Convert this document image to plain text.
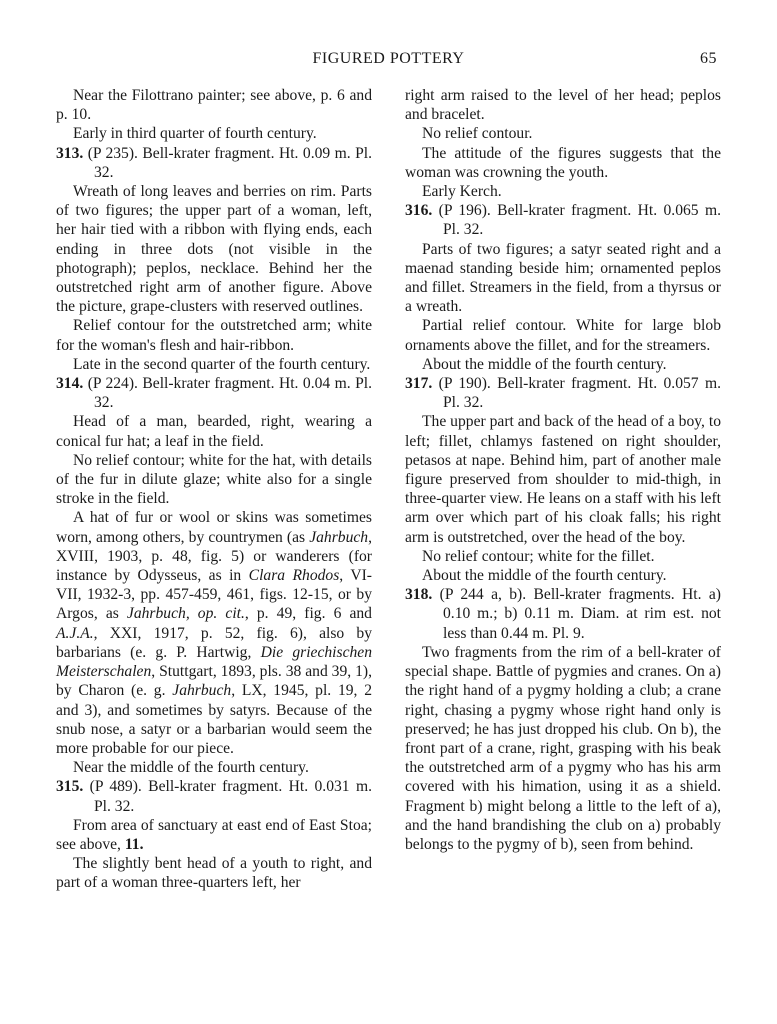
FIGURED POTTERY	65

Near the Filottrano painter; see above, p. 6 and p. 10.

Early in third quarter of fourth century.

313. (P 235). Bell-krater fragment. Ht. 0.09 m. Pl. 32.

Wreath of long leaves and berries on rim. Parts of two figures; the upper part of a woman, left, her hair tied with a ribbon with flying ends, each ending in three dots (not visible in the photograph); peplos, necklace. Behind her the outstretched right arm of another figure. Above the picture, grape-clusters with reserved outlines.

Relief contour for the outstretched arm; white for the woman's flesh and hair-ribbon.

Late in the second quarter of the fourth century.

314. (P 224). Bell-krater fragment. Ht. 0.04 m. Pl. 32.

Head of a man, bearded, right, wearing a conical fur hat; a leaf in the field.

No relief contour; white for the hat, with details of the fur in dilute glaze; white also for a single stroke in the field.

A hat of fur or wool or skins was sometimes worn, among others, by countrymen (as Jahrbuch, XVIII, 1903, p. 48, fig. 5) or wanderers (for instance by Odysseus, as in Clara Rhodos, VI-VII, 1932-3, pp. 457-459, 461, figs. 12-15, or by Argos, as Jahrbuch, op. cit., p. 49, fig. 6 and A.J.A., XXI, 1917, p. 52, fig. 6), also by barbarians (e. g. P. Hartwig, Die griechischen Meisterschalen, Stuttgart, 1893, pls. 38 and 39, 1), by Charon (e. g. Jahrbuch, LX, 1945, pl. 19, 2 and 3), and sometimes by satyrs. Because of the snub nose, a satyr or a barbarian would seem the more probable for our piece.

Near the middle of the fourth century.

315. (P 489). Bell-krater fragment. Ht. 0.031 m. Pl. 32.

From area of sanctuary at east end of East Stoa; see above, 11.

The slightly bent head of a youth to right, and part of a woman three-quarters left, her

right arm raised to the level of her head; peplos and bracelet.

No relief contour.

The attitude of the figures suggests that the woman was crowning the youth.

Early Kerch.

316. (P 196). Bell-krater fragment. Ht. 0.065 m. Pl. 32.

Parts of two figures; a satyr seated right and a maenad standing beside him; ornamented peplos and fillet. Streamers in the field, from a thyrsus or a wreath.

Partial relief contour. White for large blob ornaments above the fillet, and for the streamers.

About the middle of the fourth century.

317. (P 190). Bell-krater fragment. Ht. 0.057 m. Pl. 32.

The upper part and back of the head of a boy, to left; fillet, chlamys fastened on right shoulder, petasos at nape. Behind him, part of another male figure preserved from shoulder to mid-thigh, in three-quarter view. He leans on a staff with his left arm over which part of his cloak falls; his right arm is outstretched, over the head of the boy.

No relief contour; white for the fillet.

About the middle of the fourth century.

318. (P 244 a, b). Bell-krater fragments. Ht. a) 0.10 m.; b) 0.11 m. Diam. at rim est. not less than 0.44 m. Pl. 9.

Two fragments from the rim of a bell-krater of special shape. Battle of pygmies and cranes. On a) the right hand of a pygmy holding a club; a crane right, chasing a pygmy whose right hand only is preserved; he has just dropped his club. On b), the front part of a crane, right, grasping with his beak the outstretched arm of a pygmy who has his arm covered with his himation, using it as a shield. Fragment b) might belong a little to the left of a), and the hand brandishing the club on a) probably belongs to the pygmy of b), seen from behind.
